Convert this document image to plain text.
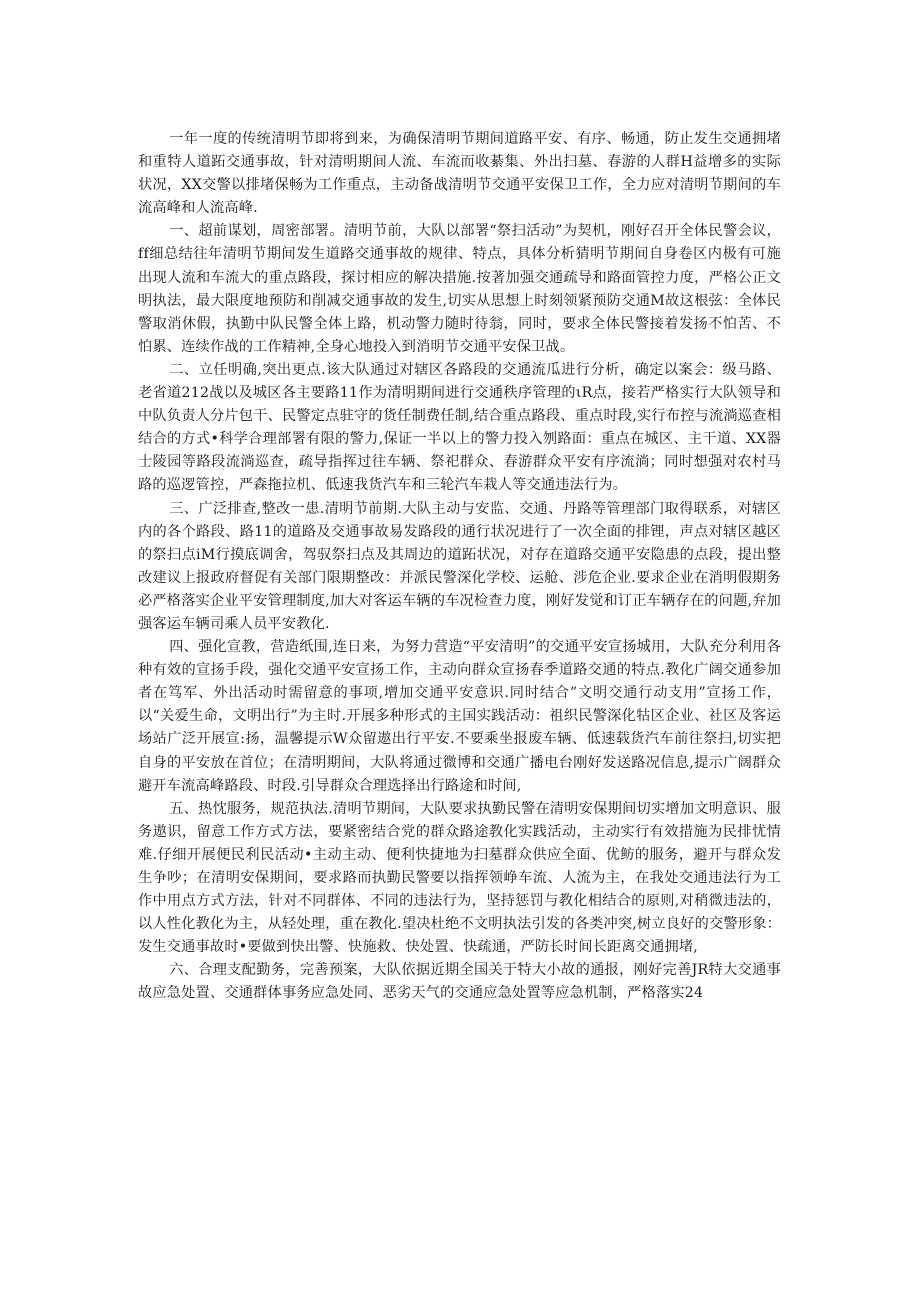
一年一度的传统清明节即将到来，为确保清明节期间道路平安、有序、畅通，防止发生交通拥堵和重特人道跖交通事故，针对清明期间人流、车流而收綦集、外出扫墓、春游的人群H益增多的实际状况，XX交警以排堵保畅为工作重点，主动备战清明节交通平安保卫工作，全力应对清明节期间的车流高峰和人流高峰.

一、超前谋划，周密部署。清明节前，大队以部署“祭扫活动”为契机，刚好召开全体民警会议，ff细总结往年清明节期间发生道路交通事故的规律、特点，具体分析猜明节期间自身卷区内极有可施出现人流和车流大的重点路段，探讨相应的解决措施.按著加强交通疏导和路面管控力度，严格公正文明执法，最大限度地预防和削减交通事故的发生,切实从思想上时刻领紧预防交通M故这根弦：全体民警取消休假，执勤中队民警全体上路，机动警力随时待翁，同时，要求全体民警接着发扬不怕苦、不怕累、连续作战的工作精神,全身心地投入到消明节交通平安保卫战。

二、立任明确,突出更点.该大队通过对辖区各路段的交通流瓜进行分析，确定以案会：级马路、老省道212战以及城区各主要路11作为清明期间进行交通秩序管理的ιR点，接若严格实行大队领导和中队负责人分片包干、民警定点驻守的货任制费任制,结合重点路段、重点时段,实行布控与流淌巡查相结合的方式•科学合理部署有限的警力,保证一半以上的警力投入刎路面：重点在城区、主干道、XX器士陵园等路段流淌巡查，疏导指挥过往车辆、祭祀群众、春游群众平安有序流淌；同时想强对农村马路的巡逻管控，严森拖拉机、低速我货汽车和三轮汽车栽人等交通违法行为。

三、广泛排查,整改一患.清明节前期.大队主动与安监、交通、丹路等管理部门取得联系，对辖区内的各个路段、路11的道路及交通事故易发路段的通行状况进行了一次全面的排锂，声点对辖区越区的祭扫点iM行摸底调舍，驾驭祭扫点及其周边的道跖状况，对存在道路交通平安隐患的点段，提出整改建议上报政府督促有关部门限期整改：并派民警深化学校、运舱、涉危企业.要求企业在消明假期务必严格落实企业平安管理制度,加大对客运车辆的车况检查力度，刚好发觉和订正车辆存在的问题,弁加强客运车辆司乘人员平安教化.

四、强化宣教，营造纸围,连日来，为努力营造“平安清明”的交通平安宣扬城用，大队充分利用各种有效的宣扬手段，强化交通平安宣扬工作，主动向群众宣扬春季道路交通的特点.教化广阔交通参加者在笃军、外出活动时需留意的事项,增加交通平安意识.同时结合”文明交通行动支用”宣扬工作，以“关爱生命，文明出行”为主时.开展多种形式的主国实践活动：祖织民警深化牯区企业、社区及客运场站广泛开展宣:扬，温馨提示W众留遨出行平安.不要乘坐报废车辆、低速载货汽车前往祭扫,切实把自身的平安放在首位；在清明期间，大队将通过微博和交通广播电台刚好发送路况信息,提示广阔群众避开车流高峰路段、时段.引导群众合理选择出行路途和时间,

五、热忱服务，规范执法.清明节期间，大队要求执勤民警在清明安保期间切实增加文明意识、服务遨识，留意工作方式方法，要紧密结合党的群众路途教化实践活动，主动实行有效措施为民排忧情难.仔细开展便民利民活动•主动主动、便利快捷地为扫墓群众供应全面、优鲂的服务，避开与群众发生争吵；在清明安保期间，要求路而执勤民警要以指挥领峥车流、人流为主，在我处交通违法行为工作中用点方式方法，针对不同群体、不同的违法行为，坚持惩罚与教化相结合的原则,对稍微违法的，以人性化教化为主，从轻处理，重在教化.望决杜绝不文明执法引发的各类冲突,树立良好的交警形象：发生交通事故时•要做到快出警、快施救、快处置、快疏通，严防长时间长距离交通拥堵,

六、合理支配勤务，完善预案，大队依据近期全国关于特大小故的通报，刚好完善JR特大交通事故应急处置、交通群体事务应急处同、恶劣天气的交通应急处置等应急机制，严格落实24
